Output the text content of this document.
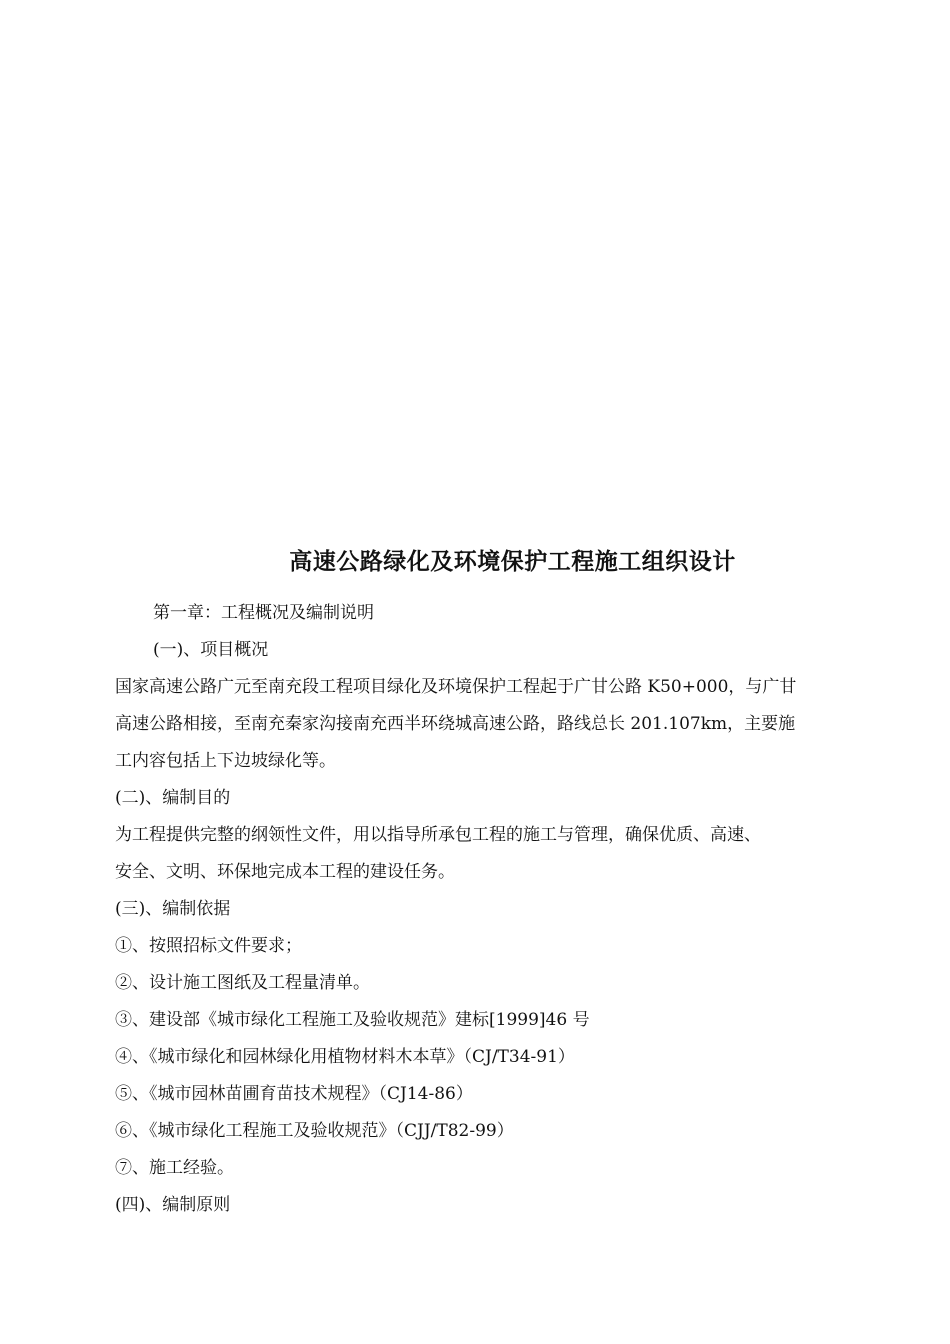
高速公路绿化及环境保护工程施工组织设计
第一章：工程概况及编制说明
(一)、项目概况
国家高速公路广元至南充段工程项目绿化及环境保护工程起于广甘公路 K50+000，与广甘
高速公路相接，至南充秦家沟接南充西半环绕城高速公路，路线总长 201.107km，主要施
工内容包括上下边坡绿化等。
(二)、编制目的
为工程提供完整的纲领性文件，用以指导所承包工程的施工与管理，确保优质、高速、
安全、文明、环保地完成本工程的建设任务。
(三)、编制依据
①、按照招标文件要求；
②、设计施工图纸及工程量清单。
③、建设部《城市绿化工程施工及验收规范》建标[1999]46 号
④、《城市绿化和园林绿化用植物材料木本草》（CJ/T34-91）
⑤、《城市园林苗圃育苗技术规程》（CJ14-86）
⑥、《城市绿化工程施工及验收规范》（CJJ/T82-99）
⑦、施工经验。
(四)、编制原则
